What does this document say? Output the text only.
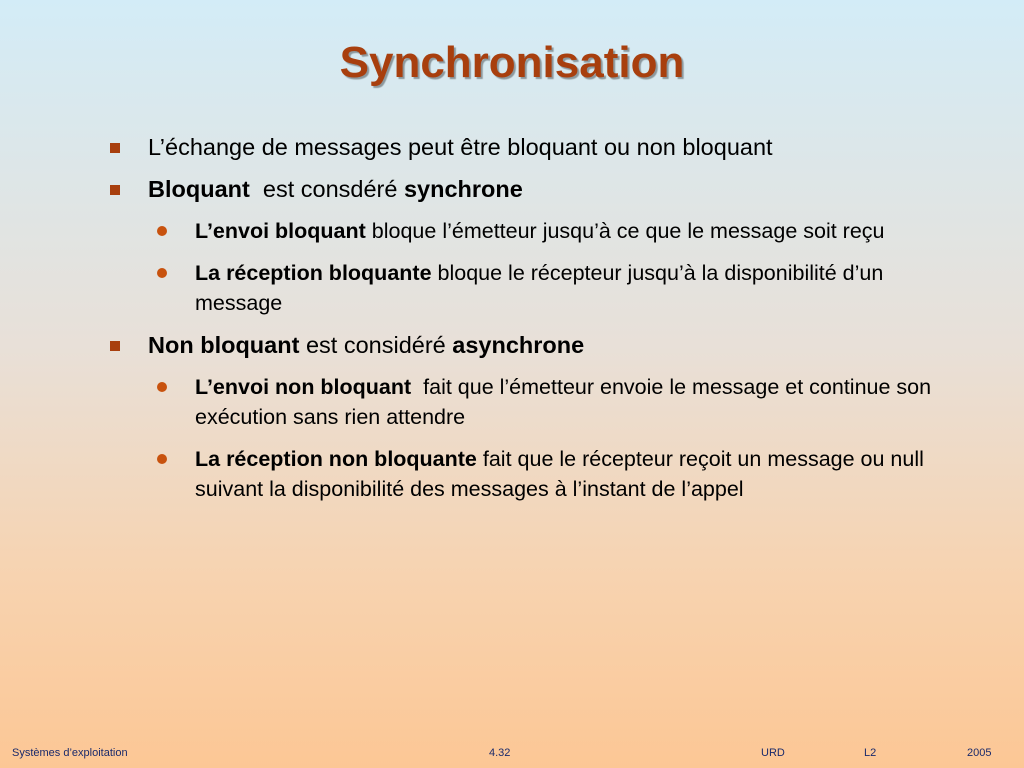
Synchronisation
L’échange de messages peut être bloquant ou non bloquant
Bloquant  est consdéré synchrone
L’envoi bloquant bloque l’émetteur jusqu’à ce que le message soit reçu
La réception bloquante bloque le récepteur jusqu’à la disponibilité d’un message
Non bloquant est considéré asynchrone
L’envoi non bloquant  fait que l’émetteur envoie le message et continue son exécution sans rien attendre
La réception non bloquante fait que le récepteur reçoit un message ou null suivant la disponibilité des messages à l’instant de l’appel
Systèmes d’exploitation	4.32	URD	L2	2005
